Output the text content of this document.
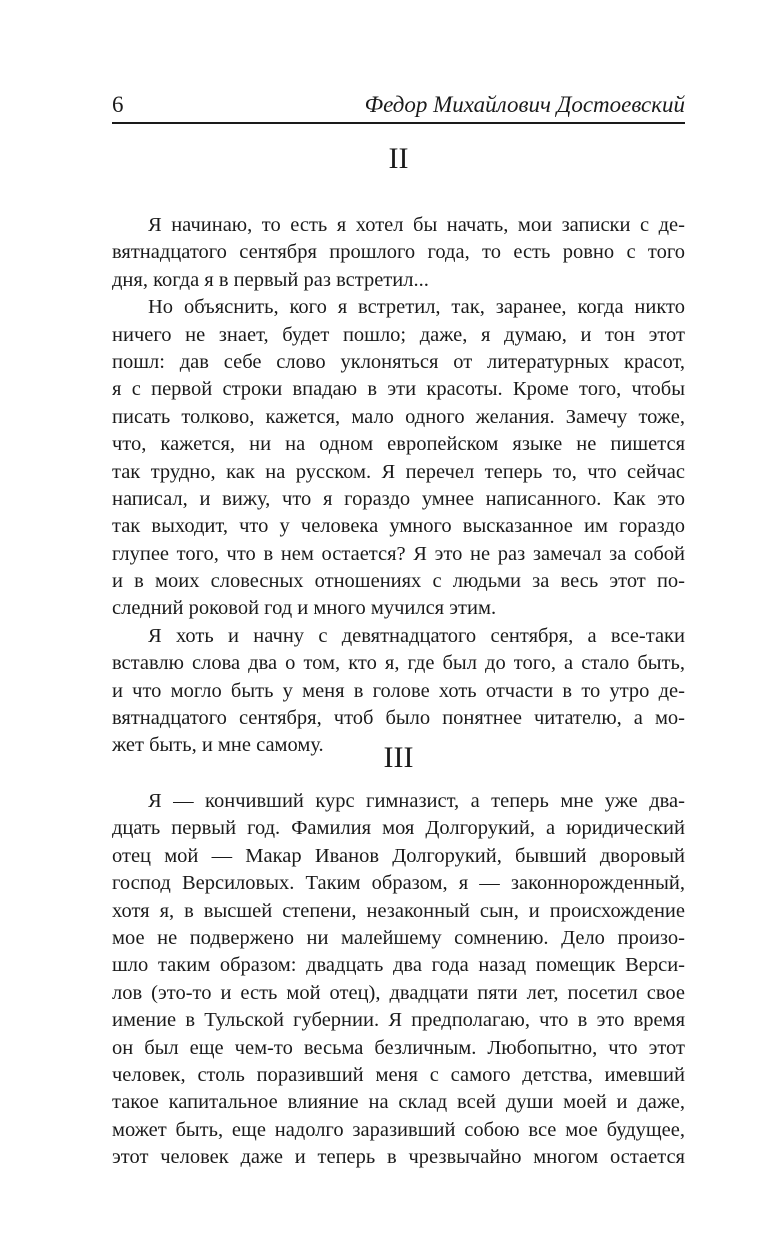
6	Федор Михайлович Достоевский
II
Я начинаю, то есть я хотел бы начать, мои записки с де-
вятнадцатого сентября прошлого года, то есть ровно с того
дня, когда я в первый раз встретил...
Но объяснить, кого я встретил, так, заранее, когда никто
ничего не знает, будет пошло; даже, я думаю, и тон этот
пошл: дав себе слово уклоняться от литературных красот,
я с первой строки впадаю в эти красоты. Кроме того, чтобы
писать толково, кажется, мало одного желания. Замечу тоже,
что, кажется, ни на одном европейском языке не пишется
так трудно, как на русском. Я перечел теперь то, что сейчас
написал, и вижу, что я гораздо умнее написанного. Как это
так выходит, что у человека умного высказанное им гораздо
глупее того, что в нем остается? Я это не раз замечал за собой
и в моих словесных отношениях с людьми за весь этот по-
следний роковой год и много мучился этим.
Я хоть и начну с девятнадцатого сентября, а все-таки
вставлю слова два о том, кто я, где был до того, а стало быть,
и что могло быть у меня в голове хоть отчасти в то утро де-
вятнадцатого сентября, чтоб было понятнее читателю, а мо-
жет быть, и мне самому.	III
Я — кончивший курс гимназист, а теперь мне уже два-
дцать первый год. Фамилия моя Долгорукий, а юридический
отец мой — Макар Иванов Долгорукий, бывший дворовый
господ Версиловых. Таким образом, я — законнорожденный,
хотя я, в высшей степени, незаконный сын, и происхождение
мое не подвержено ни малейшему сомнению. Дело произо-
шло таким образом: двадцать два года назад помещик Верси-
лов (это-то и есть мой отец), двадцати пяти лет, посетил свое
имение в Тульской губернии. Я предполагаю, что в это время
он был еще чем-то весьма безличным. Любопытно, что этот
человек, столь поразивший меня с самого детства, имевший
такое капитальное влияние на склад всей души моей и даже,
может быть, еще надолго заразивший собою все мое будущее,
этот человек даже и теперь в чрезвычайно многом остается
